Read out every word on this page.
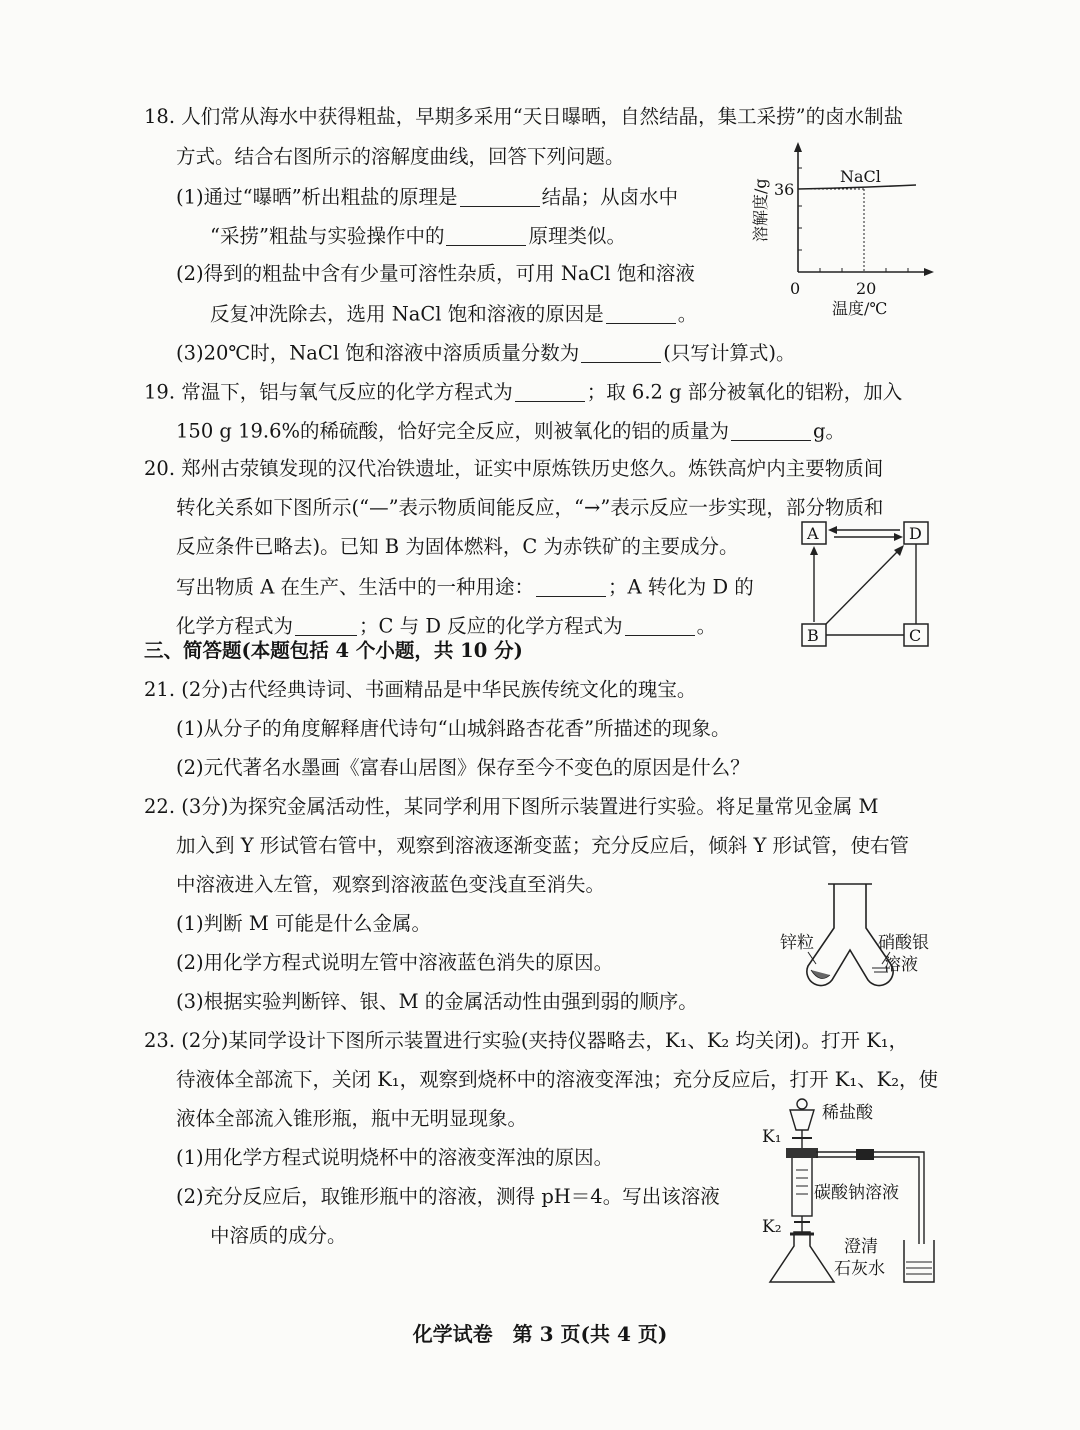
18. 人们常从海水中获得粗盐，早期多采用“天日曝晒，自然结晶，集工采捞”的卤水制盐
方式。结合右图所示的溶解度曲线，回答下列问题。
(1)通过“曝晒”析出粗盐的原理是	结晶；从卤水中
“采捞”粗盐与实验操作中的	原理类似。
(2)得到的粗盐中含有少量可溶性杂质，可用 NaCl 饱和溶液
反复冲洗除去，选用 NaCl 饱和溶液的原因是	。
(3)20℃时，NaCl 饱和溶液中溶质质量分数为	(只写计算式)。
溶解度/g
NaCl
36
0	20
温度/℃
19. 常温下，铝与氧气反应的化学方程式为	；取 6.2 g 部分被氧化的铝粉，加入
150 g 19.6%的稀硫酸，恰好完全反应，则被氧化的铝的质量为	g。
20. 郑州古荥镇发现的汉代冶铁遗址，证实中原炼铁历史悠久。炼铁高炉内主要物质间
转化关系如下图所示(“—”表示物质间能反应，“→”表示反应一步实现，部分物质和
反应条件已略去)。已知 B 为固体燃料，C 为赤铁矿的主要成分。
写出物质 A 在生产、生活中的一种用途：	；A 转化为 D 的
化学方程式为	；C 与 D 反应的化学方程式为	。
A	D
B	C
三、简答题(本题包括 4 个小题，共 10 分)
21. (2分)古代经典诗词、书画精品是中华民族传统文化的瑰宝。
(1)从分子的角度解释唐代诗句“山城斜路杏花香”所描述的现象。
(2)元代著名水墨画《富春山居图》保存至今不变色的原因是什么？
22. (3分)为探究金属活动性，某同学利用下图所示装置进行实验。将足量常见金属 M
加入到 Y 形试管右管中，观察到溶液逐渐变蓝；充分反应后，倾斜 Y 形试管，使右管
中溶液进入左管，观察到溶液蓝色变浅直至消失。
(1)判断 M 可能是什么金属。
(2)用化学方程式说明左管中溶液蓝色消失的原因。
(3)根据实验判断锌、银、M 的金属活动性由强到弱的顺序。
锌粒	硝酸银
溶液
23. (2分)某同学设计下图所示装置进行实验(夹持仪器略去，K₁、K₂ 均关闭)。打开 K₁，
待液体全部流下，关闭 K₁，观察到烧杯中的溶液变浑浊；充分反应后，打开 K₁、K₂，使
液体全部流入锥形瓶，瓶中无明显现象。
(1)用化学方程式说明烧杯中的溶液变浑浊的原因。
(2)充分反应后，取锥形瓶中的溶液，测得 pH＝4。写出该溶液
中溶质的成分。
K₁
稀盐酸
碳酸钠溶液
K₂
澄清
石灰水
化学试卷　第 3 页(共 4 页)
